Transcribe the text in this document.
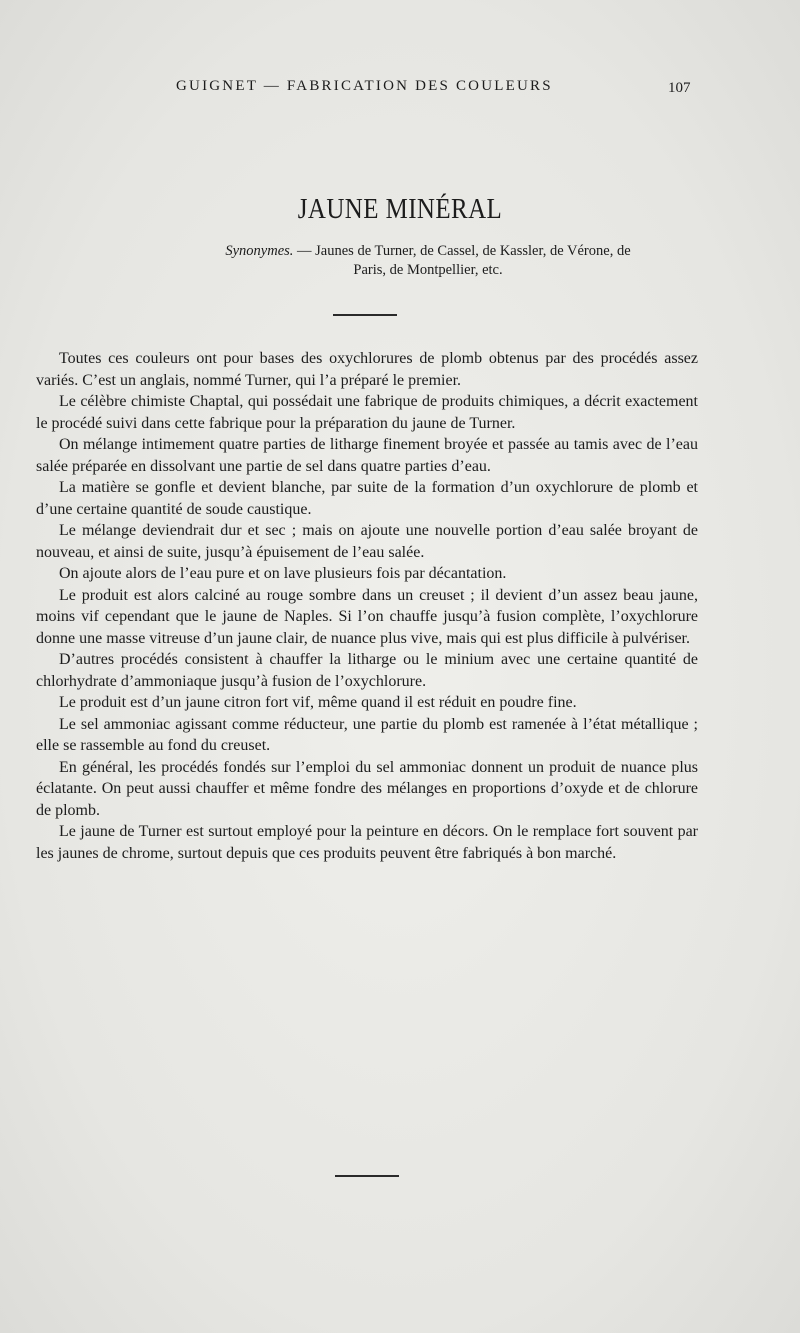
GUIGNET — FABRICATION DES COULEURS	107
JAUNE MINÉRAL
Synonymes. — Jaunes de Turner, de Cassel, de Kassler, de Vérone, de Paris, de Montpellier, etc.

Toutes ces couleurs ont pour bases des oxychlorures de plomb obtenus par des procédés assez variés. C’est un anglais, nommé Turner, qui l’a préparé le premier.

Le célèbre chimiste Chaptal, qui possédait une fabrique de produits chimiques, a décrit exactement le procédé suivi dans cette fabrique pour la préparation du jaune de Turner.

On mélange intimement quatre parties de litharge finement broyée et passée au tamis avec de l’eau salée préparée en dissolvant une partie de sel dans quatre parties d’eau.

La matière se gonfle et devient blanche, par suite de la formation d’un oxychlorure de plomb et d’une certaine quantité de soude caustique.

Le mélange deviendrait dur et sec ; mais on ajoute une nouvelle portion d’eau salée broyant de nouveau, et ainsi de suite, jusqu’à épuisement de l’eau salée.

On ajoute alors de l’eau pure et on lave plusieurs fois par décantation.

Le produit est alors calciné au rouge sombre dans un creuset ; il devient d’un assez beau jaune, moins vif cependant que le jaune de Naples. Si l’on chauffe jusqu’à fusion complète, l’oxychlorure donne une masse vitreuse d’un jaune clair, de nuance plus vive, mais qui est plus difficile à pulvériser.

D’autres procédés consistent à chauffer la litharge ou le minium avec une certaine quantité de chlorhydrate d’ammoniaque jusqu’à fusion de l’oxychlorure.

Le produit est d’un jaune citron fort vif, même quand il est réduit en poudre fine.

Le sel ammoniac agissant comme réducteur, une partie du plomb est ramenée à l’état métallique ; elle se rassemble au fond du creuset.

En général, les procédés fondés sur l’emploi du sel ammoniac donnent un produit de nuance plus éclatante. On peut aussi chauffer et même fondre des mélanges en proportions d’oxyde et de chlorure de plomb.

Le jaune de Turner est surtout employé pour la peinture en décors. On le remplace fort souvent par les jaunes de chrome, surtout depuis que ces produits peuvent être fabriqués à bon marché.
